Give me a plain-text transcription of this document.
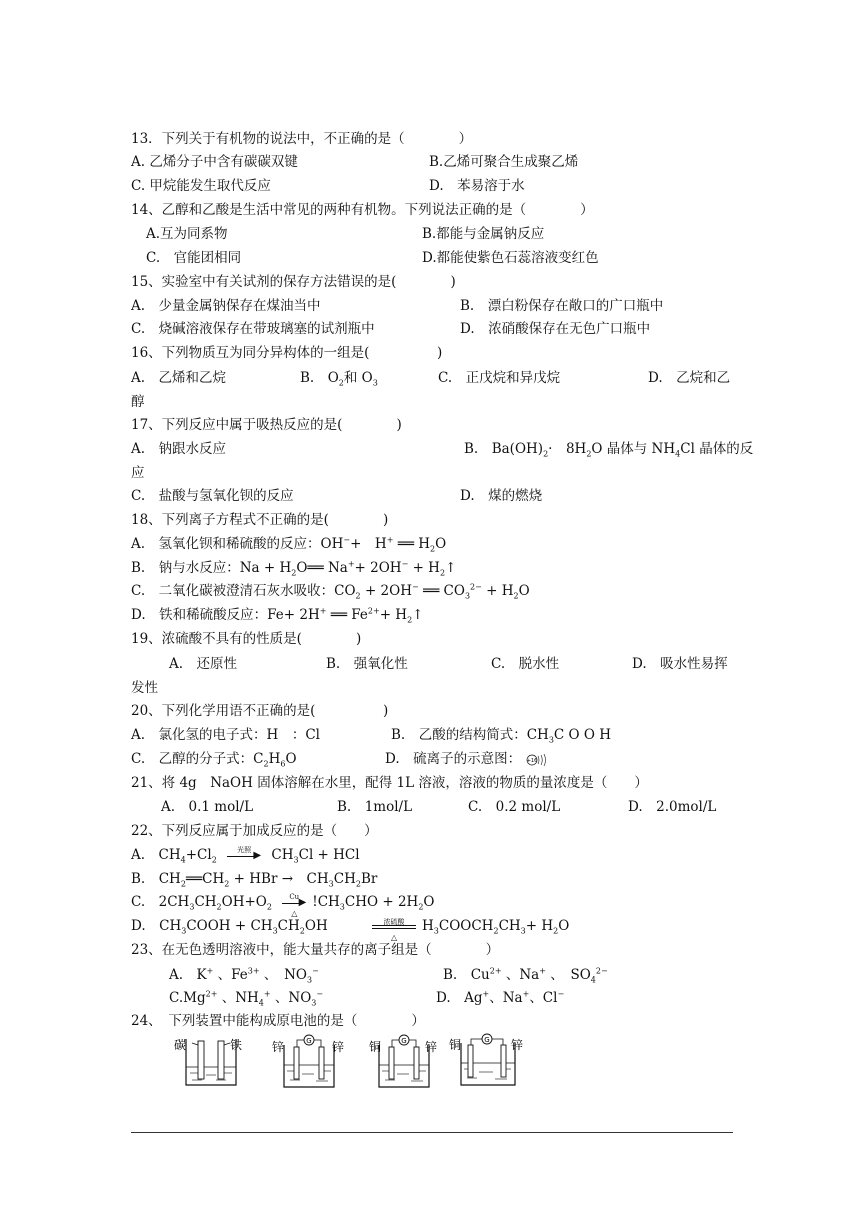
13．下列关于有机物的说法中，不正确的是（　　　　）
A. 乙烯分子中含有碳碳双键	B.乙烯可聚合生成聚乙烯
C. 甲烷能发生取代反应	D.　苯易溶于水
14、乙醇和乙酸是生活中常见的两种有机物。下列说法正确的是（　　　　）
A.互为同系物	B.都能与金属钠反应
C.　官能团相同	D.都能使紫色石蕊溶液变红色
15、实验室中有关试剂的保存方法错误的是(　　　　)
A.　少量金属钠保存在煤油当中	B.　漂白粉保存在敞口的广口瓶中
C.　烧碱溶液保存在带玻璃塞的试剂瓶中	D.　浓硝酸保存在无色广口瓶中
16、下列物质互为同分异构体的一组是(　　　　　)
A.　乙烯和乙烷	B.　$O_2$和 $O_3$	C.　正戊烷和异戊烷	D.　乙烷和乙
醇
17、下列反应中属于吸热反应的是(　　　　)
A.　钠跟水反应	B.　$Ba(OH)_2\cdot$　$8H_2O$ 晶体与 $NH_4Cl$ 晶体的反
应
C.　盐酸与氢氧化钡的反应	D.　煤的燃烧
18、下列离子方程式不正确的是(　　　　)
A.　氢氧化钡和稀硫酸的反应：OH−+　H+ ══ $H_2O$
B.　钠与水反应：$Na + H_2O══$ $Na^++ 2OH^- + H_2↑$
C.　二氧化碳被澄清石灰水吸收：$CO_2 + 2OH^-$ ══ $CO_3^{2-} + H_2O$
D.　铁和稀硫酸反应：Fe+ 2H+ ══ $Fe^{2+}+$ $H_2↑$
19、浓硫酸不具有的性质是(　　　　)
A.　还原性	B.　强氧化性	C.　脱水性	D.　吸水性易挥
发性
20、下列化学用语不正确的是(　　　　　)
A.　氯化氢的电子式：H　：Cl	B.　乙酸的结构简式：$CH_3C$ O O H
C.　乙醇的分子式：$C_2H_6O$	D.　硫离子的示意图： +16
21、将 4g　NaOH 固体溶解在水里，配得 1L 溶液，溶液的物质的量浓度是（　　）
A.　0.1 mol/L	B.　1mol/L	C.　0.2 mol/L	D.　2.0mol/L
22、下列反应属于加成反应的是（　　）
A.　$CH_4+Cl_2$
光照 ▶ $CH_3Cl$ + HCl
B.　$CH_2══CH_2$ + HBr →　$CH_3CH_2Br$
C.　$2CH_3CH_2OH+O_2$
Cu ▶
△
$!CH_3CHO + 2H_2O$
D.　$CH_3COOH + CH_3CH_2OH$	浓硫酸
△
$H_3COOCH_2CH_3+ H_2O$
23、在无色透明溶液中，能大量共存的离子组是（　　　　）
A.　K+ 、$Fe^{3+}$ 、　$NO_3^-$	B.　$Cu^{2+}$ 、Na+ 、　$SO_4^{2-}$
$C.Mg^{2+}$ 、$NH_4^+$ 、$NO_3^-$	D.　Ag+、Na+、Cl−
24、　下列装置中能构成原电池的是（　　　　）
碳	铁 锌	锌
G	铜	锌
G	铜	锌
G
